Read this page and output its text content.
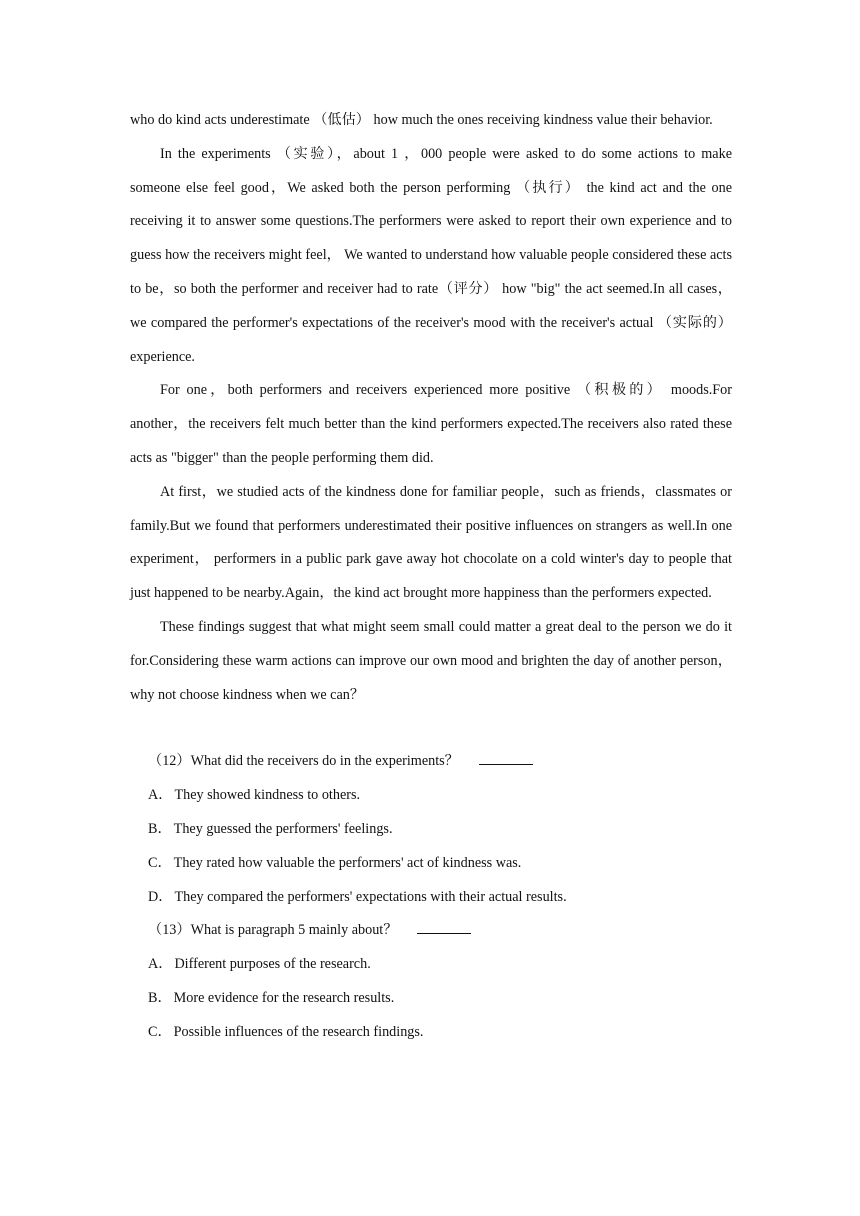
who do kind acts underestimate （低估） how much the ones receiving kindness value their behavior.

In the experiments （实验），about 1 ，000 people were asked to do some actions to make someone else feel good，We asked both the person performing （执行） the kind act and the one receiving it to answer some questions.The performers were asked to report their own experience and to guess how the receivers might feel， We wanted to understand how valuable people considered these acts to be，so both the performer and receiver had to rate（评分） how "big" the act seemed.In all cases，we compared the performer's expectations of the receiver's mood with the receiver's actual （实际的） experience.

For one，both performers and receivers experienced more positive （积极的） moods.For another，the receivers felt much better than the kind performers expected.The receivers also rated these acts as "bigger" than the people performing them did.

At first，we studied acts of the kindness done for familiar people，such as friends，classmates or family.But we found that performers underestimated their positive influences on strangers as well.In one experiment， performers in a public park gave away hot chocolate on a cold winter's day to people that just happened to be nearby.Again，the kind act brought more happiness than the performers expected.

These findings suggest that what might seem small could matter a great deal to the person we do it for.Considering these warm actions can improve our own mood and brighten the day of another person，why not choose kindness when we can？

（12）What did the receivers do in the experiments？
A． They showed kindness to others.
B． They guessed the performers' feelings.
C． They rated how valuable the performers' act of kindness was.
D． They compared the performers' expectations with their actual results.
（13）What is paragraph 5 mainly about？
A． Different purposes of the research.
B． More evidence for the research results.
C． Possible influences of the research findings.
